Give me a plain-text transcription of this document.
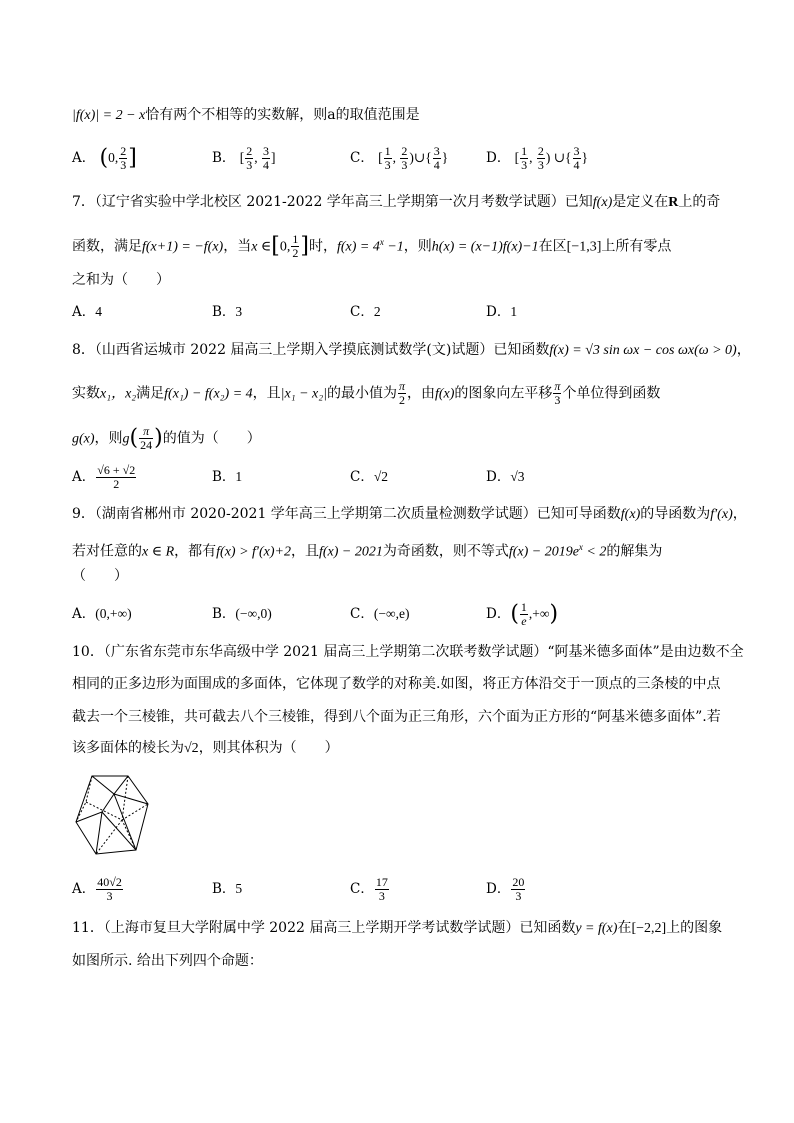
|f(x)| = 2 − x恰有两个不相等的实数解，则a的取值范围是
A． (0, $\frac{2}{3}$ ]	B． [ $\frac{2}{3}$ , $\frac{3}{4}$ ]	C． [ $\frac{1}{3}$ , $\frac{2}{3}$ )∪{ $\frac{3}{4}$ }	D． [ $\frac{1}{3}$ , $\frac{2}{3}$ ) ∪{ $\frac{3}{4}$ }
7．（辽宁省实验中学北校区 2021-2022 学年高三上学期第一次月考数学试题）已知f(x)是定义在R上的奇
函数，满足f(x+1) = −f(x)，当x ∈[0, $\frac{1}{2}$ ]时，$f(x) = 4^x -1$，则h(x) = (x−1)f(x)−1在区[−1,3]上所有零点
之和为（　　）
A．4	B．3	C．2	D．1
8．（山西省运城市 2022 届高三上学期入学摸底测试数学(文)试题）已知函数f(x) = √3 sin ωx − cos ωx(ω > 0)，
实数x₁，x₂满足f(x₁) − f(x₂) = 4，且|x₁ − x₂|的最小值为 $\frac{\pi}{2}$ ，由f(x)的图象向左平移 $\frac{\pi}{3}$ 个单位得到函数
g(x)，则$g( \frac{\pi}{24}$ )的值为（　　）
A． $\frac{√6 + √2}{2}$	B．1	C．√2	D．√3
9．（湖南省郴州市 2020-2021 学年高三上学期第二次质量检测数学试题）已知可导函数f(x)的导函数为f′(x)，
若对任意的x ∈ R，都有f(x) > f′(x)+2，且f(x) − 2021为奇函数，则不等式$f(x) - 2019e^x < 2$的解集为
（　　）
A．(0,+∞)	B．(−∞,0)	C．(−∞,e)	D．( $\frac{1}{e}$ ,+∞)
10．（广东省东莞市东华高级中学 2021 届高三上学期第二次联考数学试题）“阿基米德多面体”是由边数不全
相同的正多边形为面围成的多面体，它体现了数学的对称美.如图，将正方体沿交于一顶点的三条棱的中点
截去一个三棱锥，共可截去八个三棱锥，得到八个面为正三角形，六个面为正方形的“阿基米德多面体”.若
该多面体的棱长为√2，则其体积为（　　）
A． $\frac{40√2}{3}$	B．5	C． $\frac{17}{3}$	D． $\frac{20}{3}$
11．（上海市复旦大学附属中学 2022 届高三上学期开学考试数学试题）已知函数y = f(x)在[−2,2]上的图象
如图所示. 给出下列四个命题：
